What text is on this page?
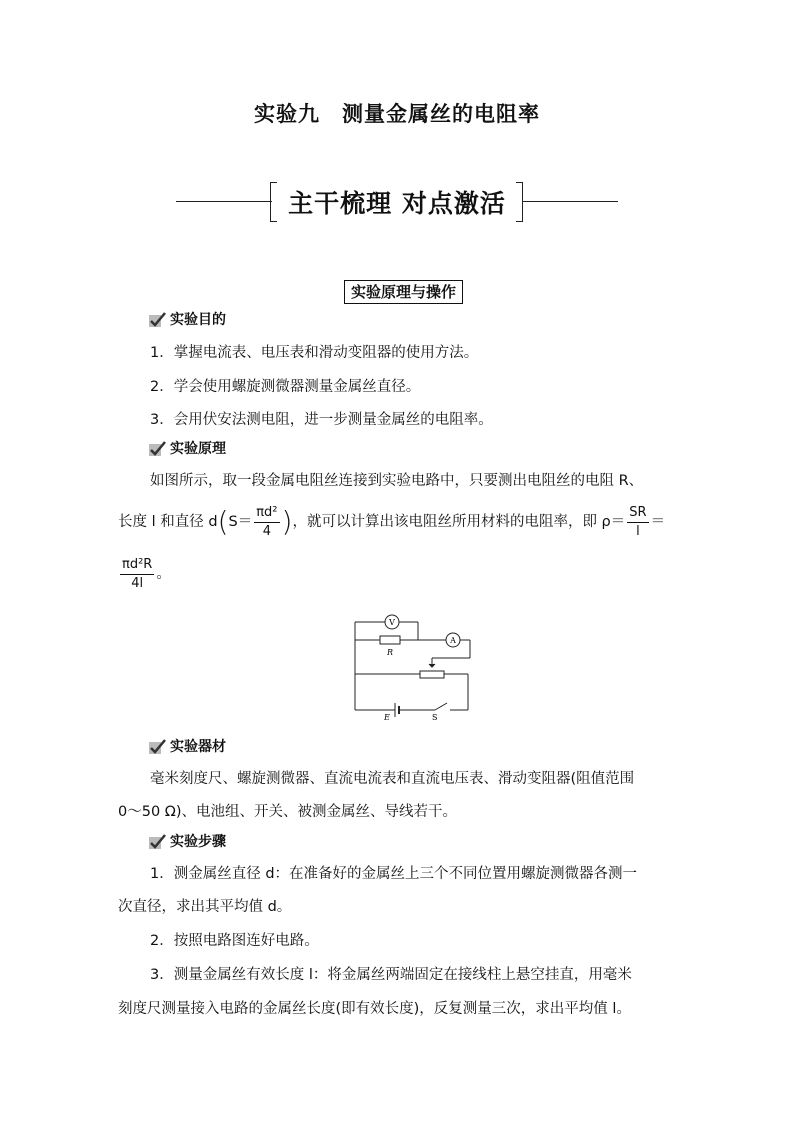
实验九　测量金属丝的电阻率
主干梳理 对点激活
实验原理与操作
实验目的
1．掌握电流表、电压表和滑动变阻器的使用方法。
2．学会使用螺旋测微器测量金属丝直径。
3．会用伏安法测电阻，进一步测量金属丝的电阻率。
实验原理
如图所示，取一段金属电阻丝连接到实验电路中，只要测出电阻丝的电阻 R、
长度 l 和直径 d ( $S= \frac{\text{πd²}}{4}$ ) ，就可以计算出该电阻丝所用材料的电阻率，即 $\rho= \frac{SR}{l}$ ＝
$\frac{\text{πd²R}}{4l}$ 。
V
A
R
E	S
实验器材
毫米刻度尺、螺旋测微器、直流电流表和直流电压表、滑动变阻器(阻值范围
0～50 Ω)、电池组、开关、被测金属丝、导线若干。
实验步骤
1．测金属丝直径 d：在准备好的金属丝上三个不同位置用螺旋测微器各测一
次直径，求出其平均值 d。
2．按照电路图连好电路。
3．测量金属丝有效长度 l：将金属丝两端固定在接线柱上悬空挂直，用毫米
刻度尺测量接入电路的金属丝长度(即有效长度)，反复测量三次，求出平均值 l。
